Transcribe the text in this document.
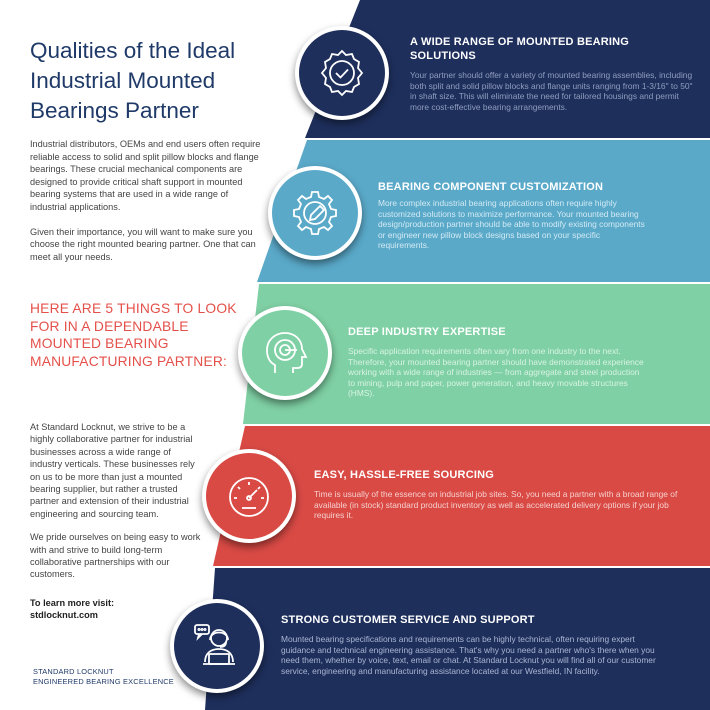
Qualities of the Ideal Industrial Mounted Bearings Partner

Industrial distributors, OEMs and end users often require reliable access to solid and split pillow blocks and flange bearings. These crucial mechanical components are designed to provide critical shaft support in mounted bearing systems that are used in a wide range of industrial applications.

Given their importance, you will want to make sure you choose the right mounted bearing partner. One that can meet all your needs.

HERE ARE 5 THINGS TO LOOK FOR IN A DEPENDABLE MOUNTED BEARING MANUFACTURING PARTNER:

At Standard Locknut, we strive to be a highly collaborative partner for industrial businesses across a wide range of industry verticals. These businesses rely on us to be more than just a mounted bearing supplier, but rather a trusted partner and extension of their industrial engineering and sourcing team.

We pride ourselves on being easy to work with and strive to build long-term collaborative partnerships with our customers.

To learn more visit:
stdlocknut.com
STANDARD LOCKNUT
ENGINEERED BEARING EXCELLENCE
A WIDE RANGE OF MOUNTED BEARING SOLUTIONS

Your partner should offer a variety of mounted bearing assemblies, including both split and solid pillow blocks and flange units ranging from 1-3/16" to 50" in shaft size. This will eliminate the need for tailored housings and permit more cost-effective bearing arrangements.

BEARING COMPONENT CUSTOMIZATION

More complex industrial bearing applications often require highly customized solutions to maximize performance. Your mounted bearing design/production partner should be able to modify existing components or engineer new pillow block designs based on your specific requirements.

DEEP INDUSTRY EXPERTISE

Specific application requirements often vary from one industry to the next. Therefore, your mounted bearing partner should have demonstrated experience working with a wide range of industries — from aggregate and steel production to mining, pulp and paper, power generation, and heavy movable structures (HMS).

EASY, HASSLE-FREE SOURCING

Time is usually of the essence on industrial job sites. So, you need a partner with a broad range of available (in stock) standard product inventory as well as accelerated delivery options if your job requires it.

STRONG CUSTOMER SERVICE AND SUPPORT

Mounted bearing specifications and requirements can be highly technical, often requiring expert guidance and technical engineering assistance. That's why you need a partner who's there when you need them, whether by voice, text, email or chat. At Standard Locknut you will find all of our customer service, engineering and manufacturing assistance located at our Westfield, IN facility.
